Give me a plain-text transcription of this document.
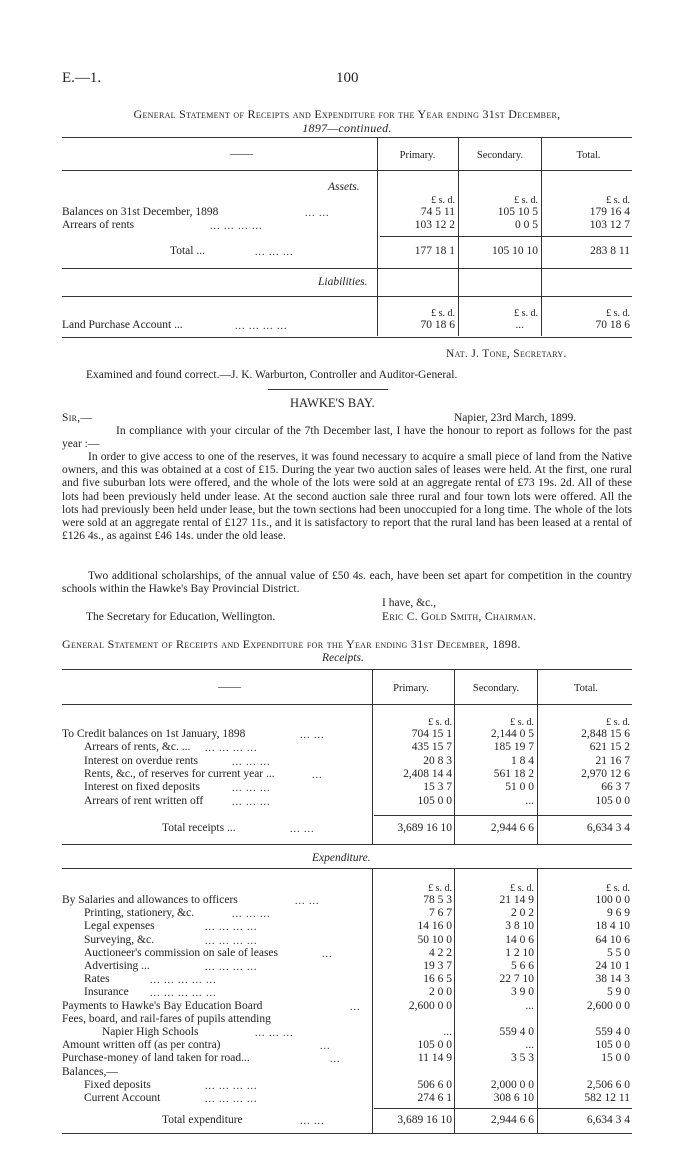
E.—1.	100
General Statement of Receipts and Expenditure for the Year ending 31st December,
1897—continued.
——	Primary.	Secondary.	Total.
Assets.
£ s. d.	£ s. d.	£ s. d.
Balances on 31st December, 1898	... ...	74 5 11	105 10 5	179 16 4
Arrears of rents	... ... ... ...	103 12 2	0 0 5	103 12 7
Total ...	... ... ...	177 18 1	105 10 10	283 8 11
Liabilities.
£ s. d.	£ s. d.	£ s. d.
Land Purchase Account ...	... ... ... ...	70 18 6	...	70 18 6
Nat. J. Tone, Secretary.
Examined and found correct.—J. K. Warburton, Controller and Auditor-General.
HAWKE'S BAY.
Sir,—	Napier, 23rd March, 1899.
In compliance with your circular of the 7th December last, I have the honour to report as follows for the past year :—
In order to give access to one of the reserves, it was found necessary to acquire a small piece of land from the Native owners, and this was obtained at a cost of £15. During the year two auction sales of leases were held. At the first, one rural and five suburban lots were offered, and the whole of the lots were sold at an aggregate rental of £73 19s. 2d. All of these lots had been previously held under lease. At the second auction sale three rural and four town lots were offered. All the lots had previously been held under lease, but the town sections had been unoccupied for a long time. The whole of the lots were sold at an aggregate rental of £127 11s., and it is satisfactory to report that the rural land has been leased at a rental of £126 4s., as against £46 14s. under the old lease.
Two additional scholarships, of the annual value of £50 4s. each, have been set apart for competition in the country schools within the Hawke's Bay Provincial District.
I have, &c.,
The Secretary for Education, Wellington.	Eric C. Gold Smith, Chairman.
General Statement of Receipts and Expenditure for the Year ending 31st December, 1898.
Receipts.
——	Primary.	Secondary.	Total.
£ s. d.	£ s. d.	£ s. d.
To Credit balances on 1st January, 1898	... ...	704 15 1	2,144 0 5	2,848 15 6
Arrears of rents, &c. ... ... ... ... ...	435 15 7	185 19 7	621 15 2
Interest on overdue rents	... ... ...	20 8 3	1 8 4	21 16 7
Rents, &c., of reserves for current year ...	...	2,408 14 4	561 18 2	2,970 12 6
Interest on fixed deposits	... ... ...	15 3 7	51 0 0	66 3 7
Arrears of rent written off	... ... ...	105 0 0	...	105 0 0
Total receipts ...	... ...	3,689 16 10	2,944 6 6	6,634 3 4
Expenditure.
£ s. d.	£ s. d.	£ s. d.
By Salaries and allowances to officers	... ...	78 5 3	21 14 9	100 0 0
Printing, stationery, &c.	... ... ...	7 6 7	2 0 2	9 6 9
Legal expenses	... ... ... ...	14 16 0	3 8 10	18 4 10
Surveying, &c.	... ... ... ...	50 10 0	14 0 6	64 10 6
Auctioneer's commission on sale of leases	...	4 2 2	1 2 10	5 5 0
Advertising ...	... ... ... ...	19 3 7	5 6 6	24 10 1
Rates	... ... ... ... ...	16 6 5	22 7 10	38 14 3
Insurance ... ... ... ... ...	2 0 0	3 9 0	5 9 0
Payments to Hawke's Bay Education Board	...	2,600 0 0	...	2,600 0 0
Fees, board, and rail-fares of pupils attending
Napier High Schools	... ... ...	...	559 4 0	559 4 0
Amount written off (as per contra)	...	105 0 0	...	105 0 0
Purchase-money of land taken for road...	...	11 14 9	3 5 3	15 0 0
Balances,—
Fixed deposits	... ... ... ...	506 6 0	2,000 0 0	2,506 6 0
Current Account	... ... ... ...	274 6 1	308 6 10	582 12 11
Total expenditure	... ...	3,689 16 10	2,944 6 6	6,634 3 4
